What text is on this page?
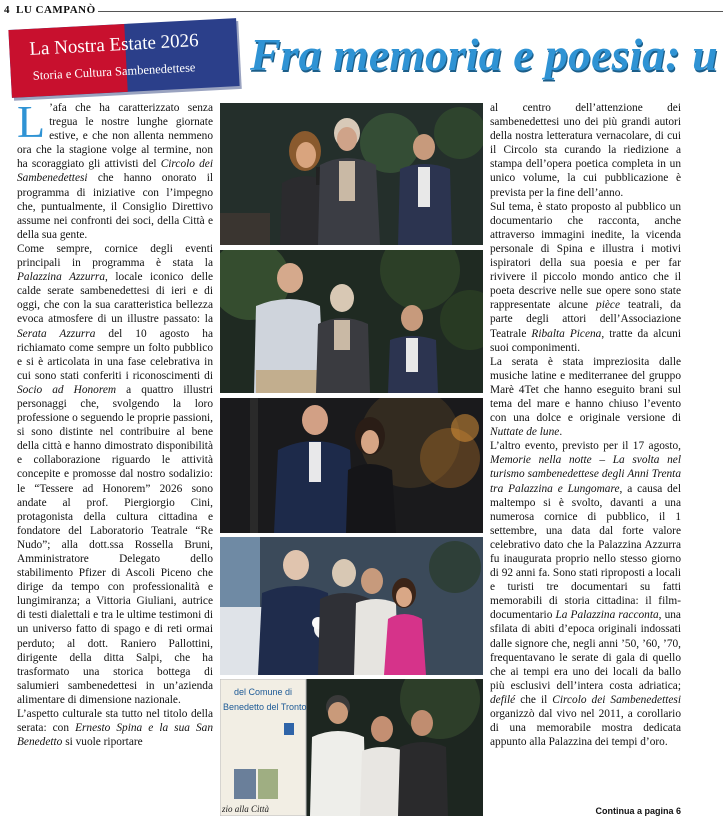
4 LU CAMPANÒ
La Nostra Estate 2026
Storia e Cultura Sambenedettese Fra memoria e poesia: u
L ’afa che ha caratterizzato senza tregua le nostre lunghe giornate estive, e che non allenta nemmeno ora che la stagione volge al termine, non ha scoraggiato gli attivisti del Circolo dei Sambenedettesi che hanno onorato il programma di iniziative con l’impegno che, puntualmente, il Consiglio Direttivo assume nei confronti dei soci, della Città e della sua gente.

Come sempre, cornice degli eventi principali in programma è stata la Palazzina Azzurra, locale iconico delle calde serate sambenedettesi di ieri e di oggi, che con la sua caratteristica bellezza evoca atmosfere di un illustre passato: la Serata Azzurra del 10 agosto ha richiamato come sempre un folto pubblico e si è articolata in una fase celebrativa in cui sono stati conferiti i riconoscimenti di Socio ad Honorem a quattro illustri personaggi che, svolgendo la loro professione o seguendo le proprie passioni, si sono distinte nel contribuire al bene della città e hanno dimostrato disponibilità e collaborazione riguardo le attività concepite e promosse dal nostro sodalizio: le “Tessere ad Honorem” 2026 sono andate al prof. Piergiorgio Cini, protagonista della cultura cittadina e fondatore del Laboratorio Teatrale “Re Nudo”; alla dott.ssa Rossella Bruni, Amministratore Delegato dello stabilimento Pfizer di Ascoli Piceno che dirige da tempo con professionalità e lungimiranza; a Vittoria Giuliani, autrice di testi dialettali e tra le ultime testimoni di un universo fatto di spago e di reti ormai perduto; al dott. Raniero Pallottini, dirigente della ditta Salpi, che ha trasformato una storica bottega di salumieri sambenedettesi in un’azienda alimentare di dimensione nazionale.

L’aspetto culturale sta tutto nel titolo della serata: con Ernesto Spina e la sua San Benedetto si vuole riportare

al centro dell’attenzione dei sambenedettesi uno dei più grandi autori della nostra letteratura vernacolare, di cui il Circolo sta curando la riedizione a stampa dell’opera poetica completa in un unico volume, la cui pubblicazione è prevista per la fine dell’anno.

Sul tema, è stato proposto al pubblico un documentario che racconta, anche attraverso immagini inedite, la vicenda personale di Spina e illustra i motivi ispiratori della sua poesia e per far rivivere il piccolo mondo antico che il poeta descrive nelle sue opere sono state rappresentate alcune pièce teatrali, da parte degli attori dell’Associazione Teatrale Ribalta Picena, tratte da alcuni suoi componimenti.

La serata è stata impreziosita dalle musiche latine e mediterranee del gruppo Marè 4Tet che hanno eseguito brani sul tema del mare e hanno chiuso l’evento con una dolce e originale versione di Nuttate de lune.

L’altro evento, previsto per il 17 agosto, Memorie nella notte – La svolta nel turismo sambenedettese degli Anni Trenta tra Palazzina e Lungomare, a causa del maltempo si è svolto, davanti a una numerosa cornice di pubblico, il 1 settembre, una data dal forte valore celebrativo dato che la Palazzina Azzurra fu inaugurata proprio nello stesso giorno di 92 anni fa. Sono stati riproposti a locali e turisti tre documentari su fatti memorabili di storia cittadina: il film-documentario La Palazzina racconta, una sfilata di abiti d’epoca originali indossati dalle signore che, negli anni ’50, ’60, ’70, frequentavano le serate di gala di quello che ai tempi era uno dei locali da ballo più esclusivi dell’intera costa adriatica; defilé che il Circolo dei Sambenedettesi organizzò dal vivo nel 2011, a corollario di una memorabile mostra dedicata appunto alla Palazzina dei tempi d’oro.

del Comune di
Benedetto del Tronto
zio alla Città	Continua a pagina 6
